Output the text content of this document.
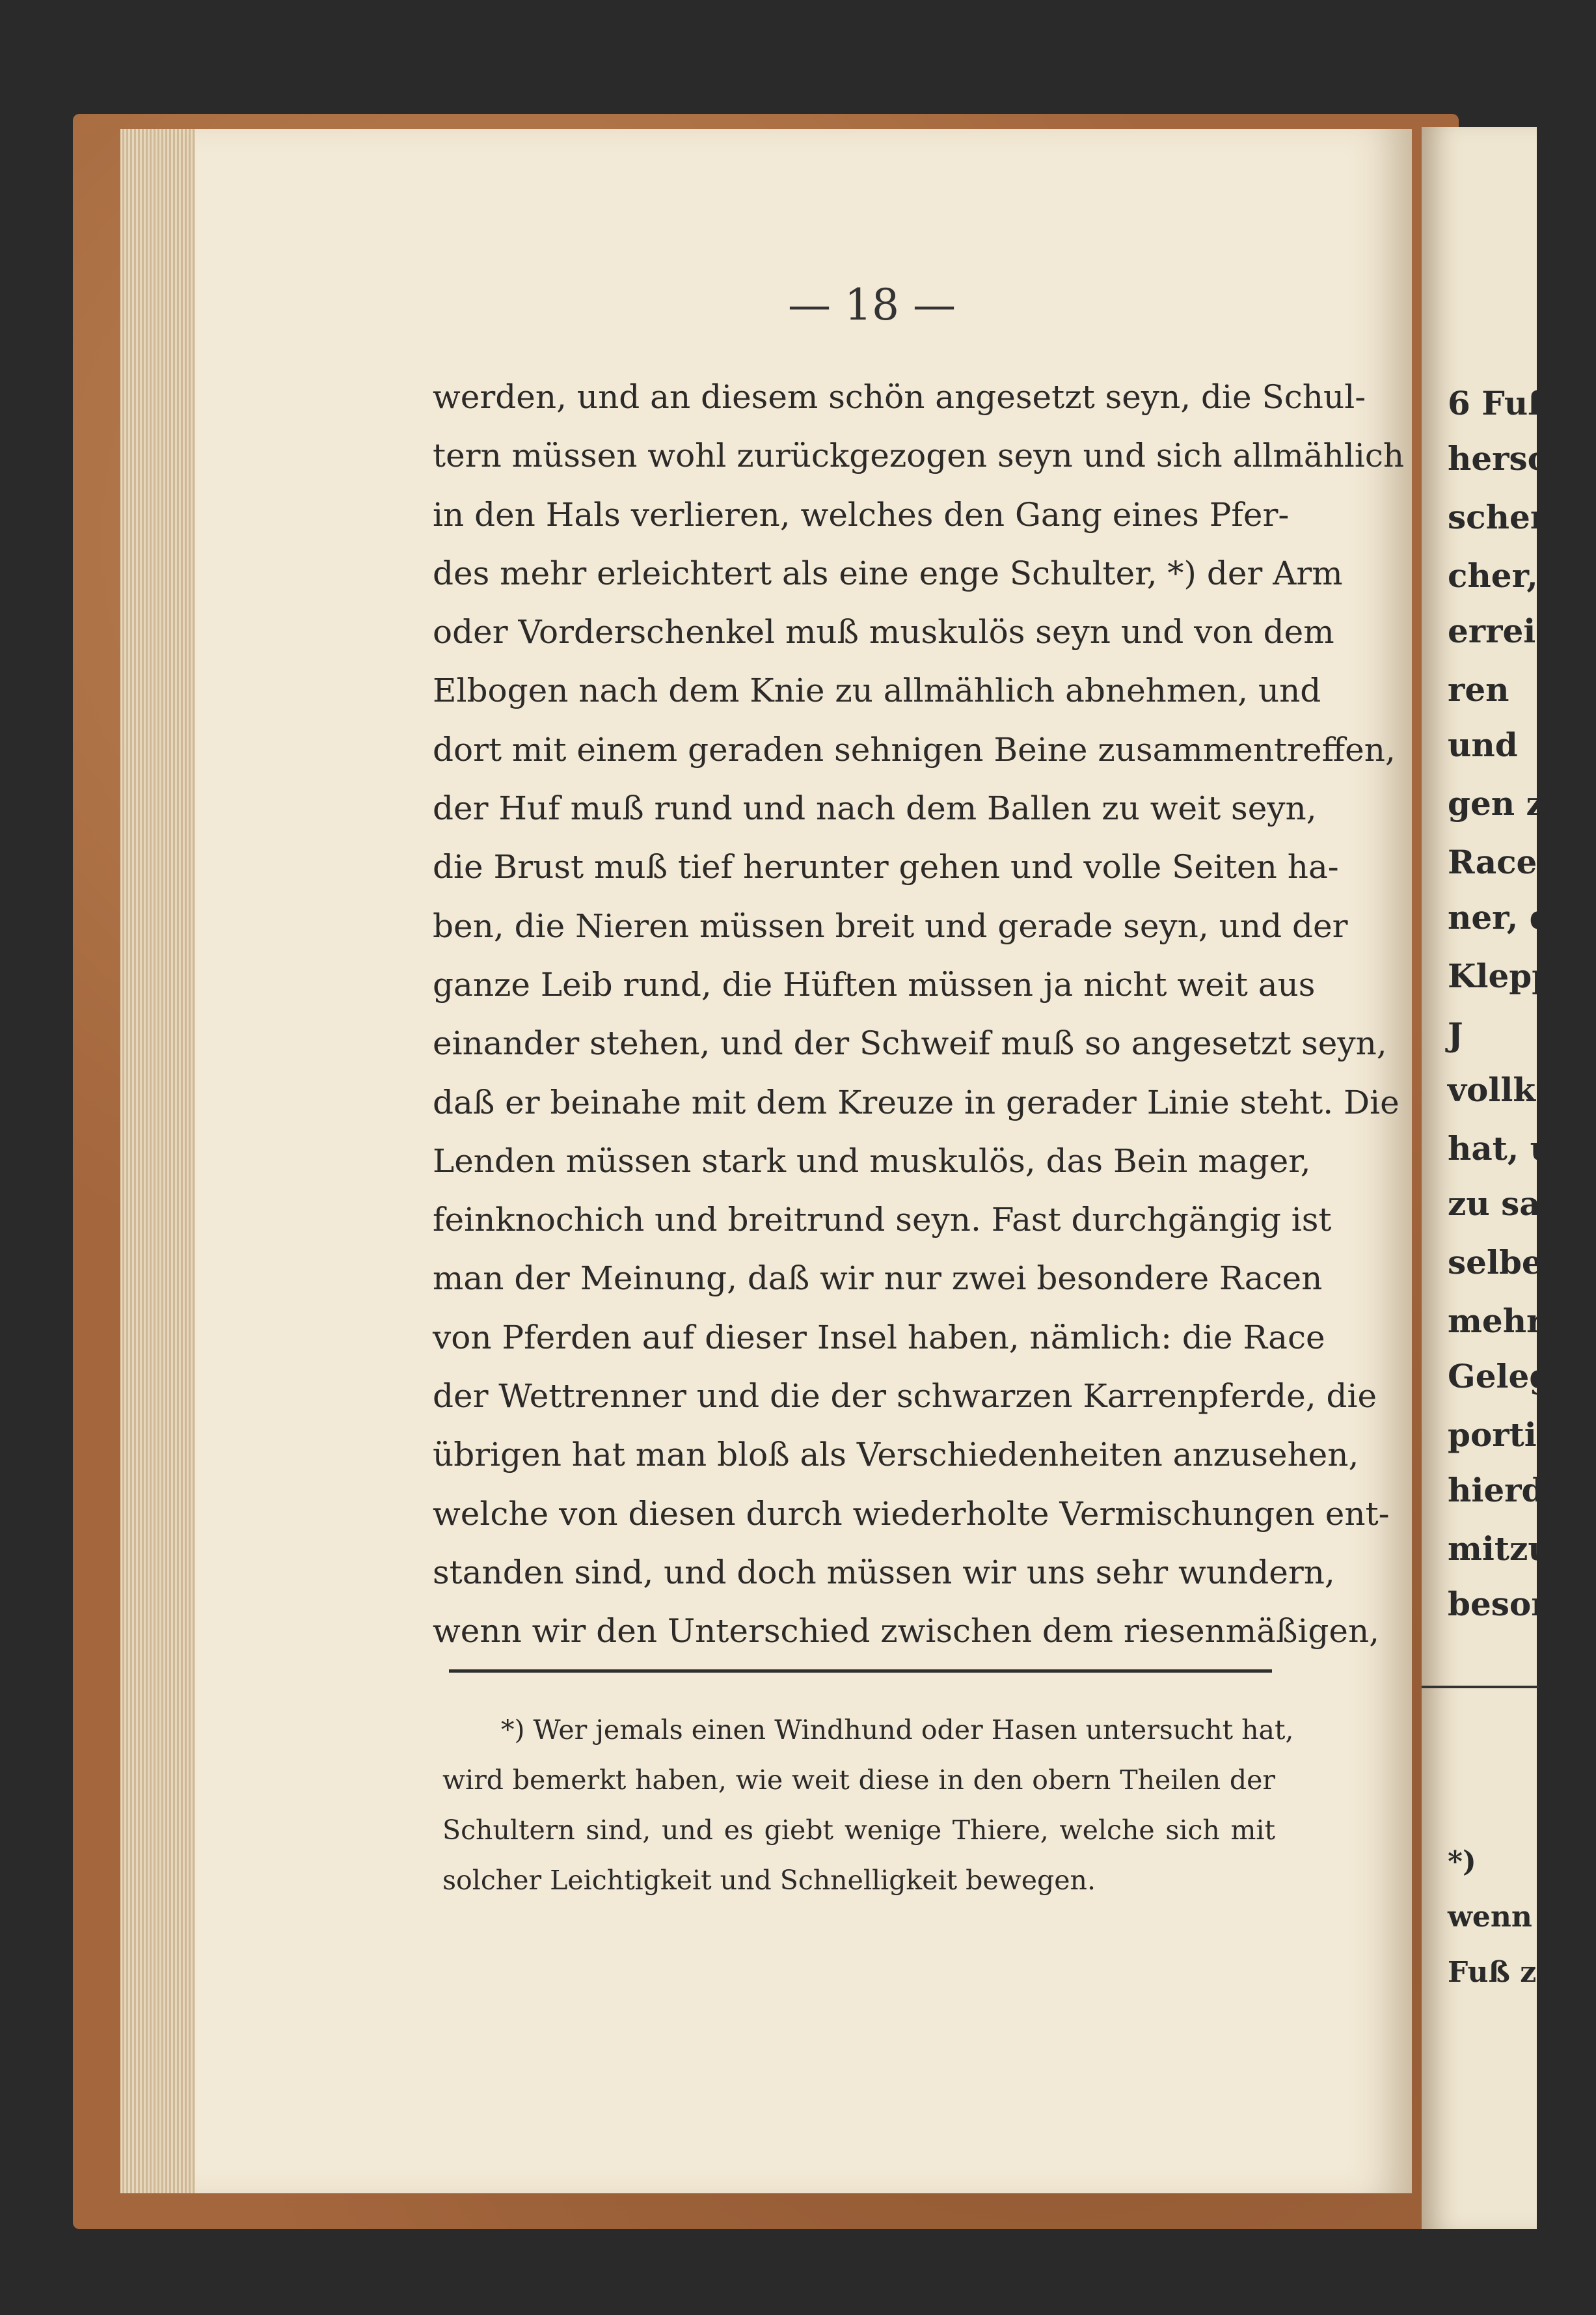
6 Fuß
herschr
schen
cher,
erreich
ren
und
gen z
Racen
ner, d
Kleppe
J
vollkon
hat, u
zu sage
selben
mehr u
Gelegen
portion
hierdu
mitzu
beson
*)
wenn n
Fuß zun
— 18 —
werden, und an diesem schön angesetzt seyn, die Schul-
tern müssen wohl zurückgezogen seyn und sich allmählich
in den Hals verlieren, welches den Gang eines Pfer-
des mehr erleichtert als eine enge Schulter, *) der Arm
oder Vorderschenkel muß muskulös seyn und von dem
Elbogen nach dem Knie zu allmählich abnehmen, und
dort mit einem geraden sehnigen Beine zusammentreffen,
der Huf muß rund und nach dem Ballen zu weit seyn,
die Brust muß tief herunter gehen und volle Seiten ha-
ben, die Nieren müssen breit und gerade seyn, und der
ganze Leib rund, die Hüften müssen ja nicht weit aus
einander stehen, und der Schweif muß so angesetzt seyn,
daß er beinahe mit dem Kreuze in gerader Linie steht. Die
Lenden müssen stark und muskulös, das Bein mager,
feinknochich und breitrund seyn. Fast durchgängig ist
man der Meinung, daß wir nur zwei besondere Racen
von Pferden auf dieser Insel haben, nämlich: die Race
der Wettrenner und die der schwarzen Karrenpferde, die
übrigen hat man bloß als Verschiedenheiten anzusehen,
welche von diesen durch wiederholte Vermischungen ent-
standen sind, und doch müssen wir uns sehr wundern,
wenn wir den Unterschied zwischen dem riesenmäßigen,
*) Wer jemals einen Windhund oder Hasen untersucht hat,
wird bemerkt haben, wie weit diese in den obern Theilen der
Schultern sind, und es giebt wenige Thiere, welche sich mit
solcher Leichtigkeit und Schnelligkeit bewegen.
